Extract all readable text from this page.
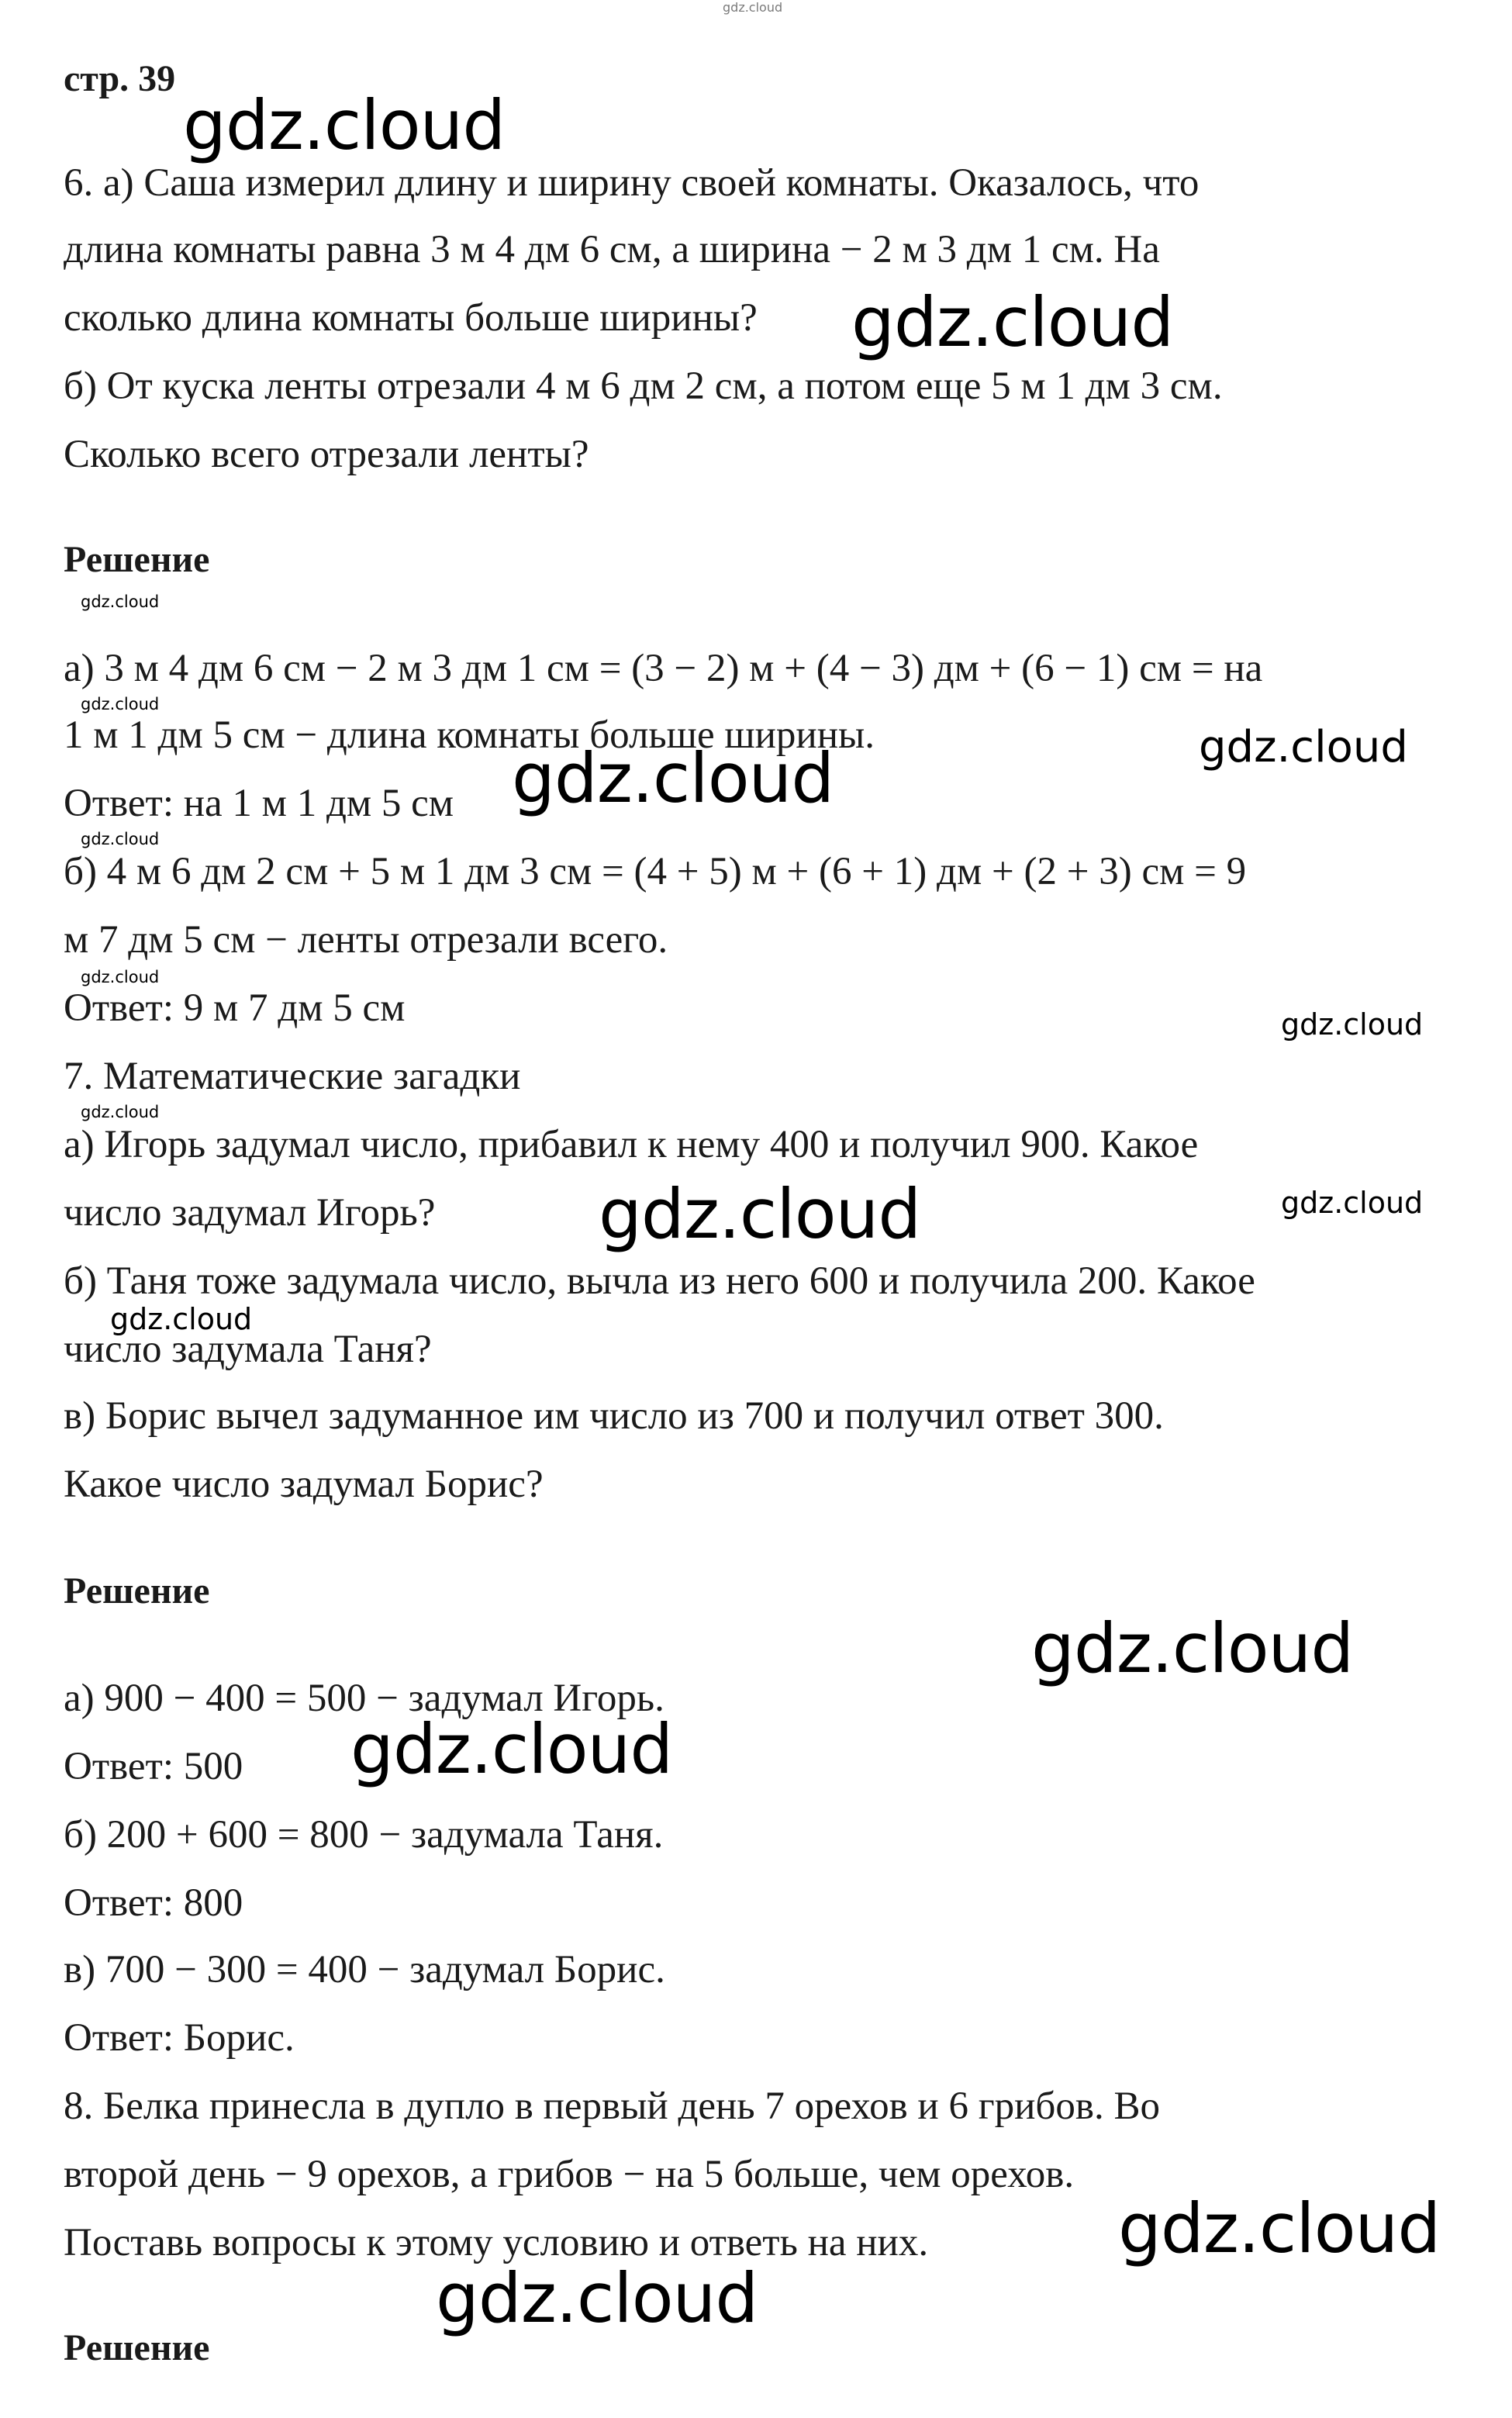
gdz.cloud
gdz.cloud
gdz.cloud
gdz.cloud
gdz.cloud
gdz.cloud
gdz.cloud
gdz.cloud
gdz.cloud
gdz.cloud
gdz.cloud
gdz.cloud	gdz.cloud
gdz.cloud
gdz.cloud
gdz.cloud
gdz.cloud
gdz.cloud
стр. 39
6. а) Саша измерил длину и ширину своей комнаты. Оказалось, что
длина комнаты равна 3 м 4 дм 6 см, а ширина − 2 м 3 дм 1 см. На
сколько длина комнаты больше ширины?
б) От куска ленты отрезали 4 м 6 дм 2 см, а потом еще 5 м 1 дм 3 см.
Сколько всего отрезали ленты?
Решение
а) 3 м 4 дм 6 см − 2 м 3 дм 1 см = (3 − 2) м + (4 − 3) дм + (6 − 1) см = на
1 м 1 дм 5 см − длина комнаты больше ширины.
Ответ: на 1 м 1 дм 5 см
б) 4 м 6 дм 2 см + 5 м 1 дм 3 см = (4 + 5) м + (6 + 1) дм + (2 + 3) см = 9
м 7 дм 5 см − ленты отрезали всего.
Ответ: 9 м 7 дм 5 см
7. Математические загадки
а) Игорь задумал число, прибавил к нему 400 и получил 900. Какое
число задумал Игорь?
б) Таня тоже задумала число, вычла из него 600 и получила 200. Какое
число задумала Таня?
в) Борис вычел задуманное им число из 700 и получил ответ 300.
Какое число задумал Борис?
Решение
а) 900 − 400 = 500 − задумал Игорь.
Ответ: 500
б) 200 + 600 = 800 − задумала Таня.
Ответ: 800
в) 700 − 300 = 400 − задумал Борис.
Ответ: Борис.
8. Белка принесла в дупло в первый день 7 орехов и 6 грибов. Во
второй день − 9 орехов, а грибов − на 5 больше, чем орехов.
Поставь вопросы к этому условию и ответь на них.
Решение
